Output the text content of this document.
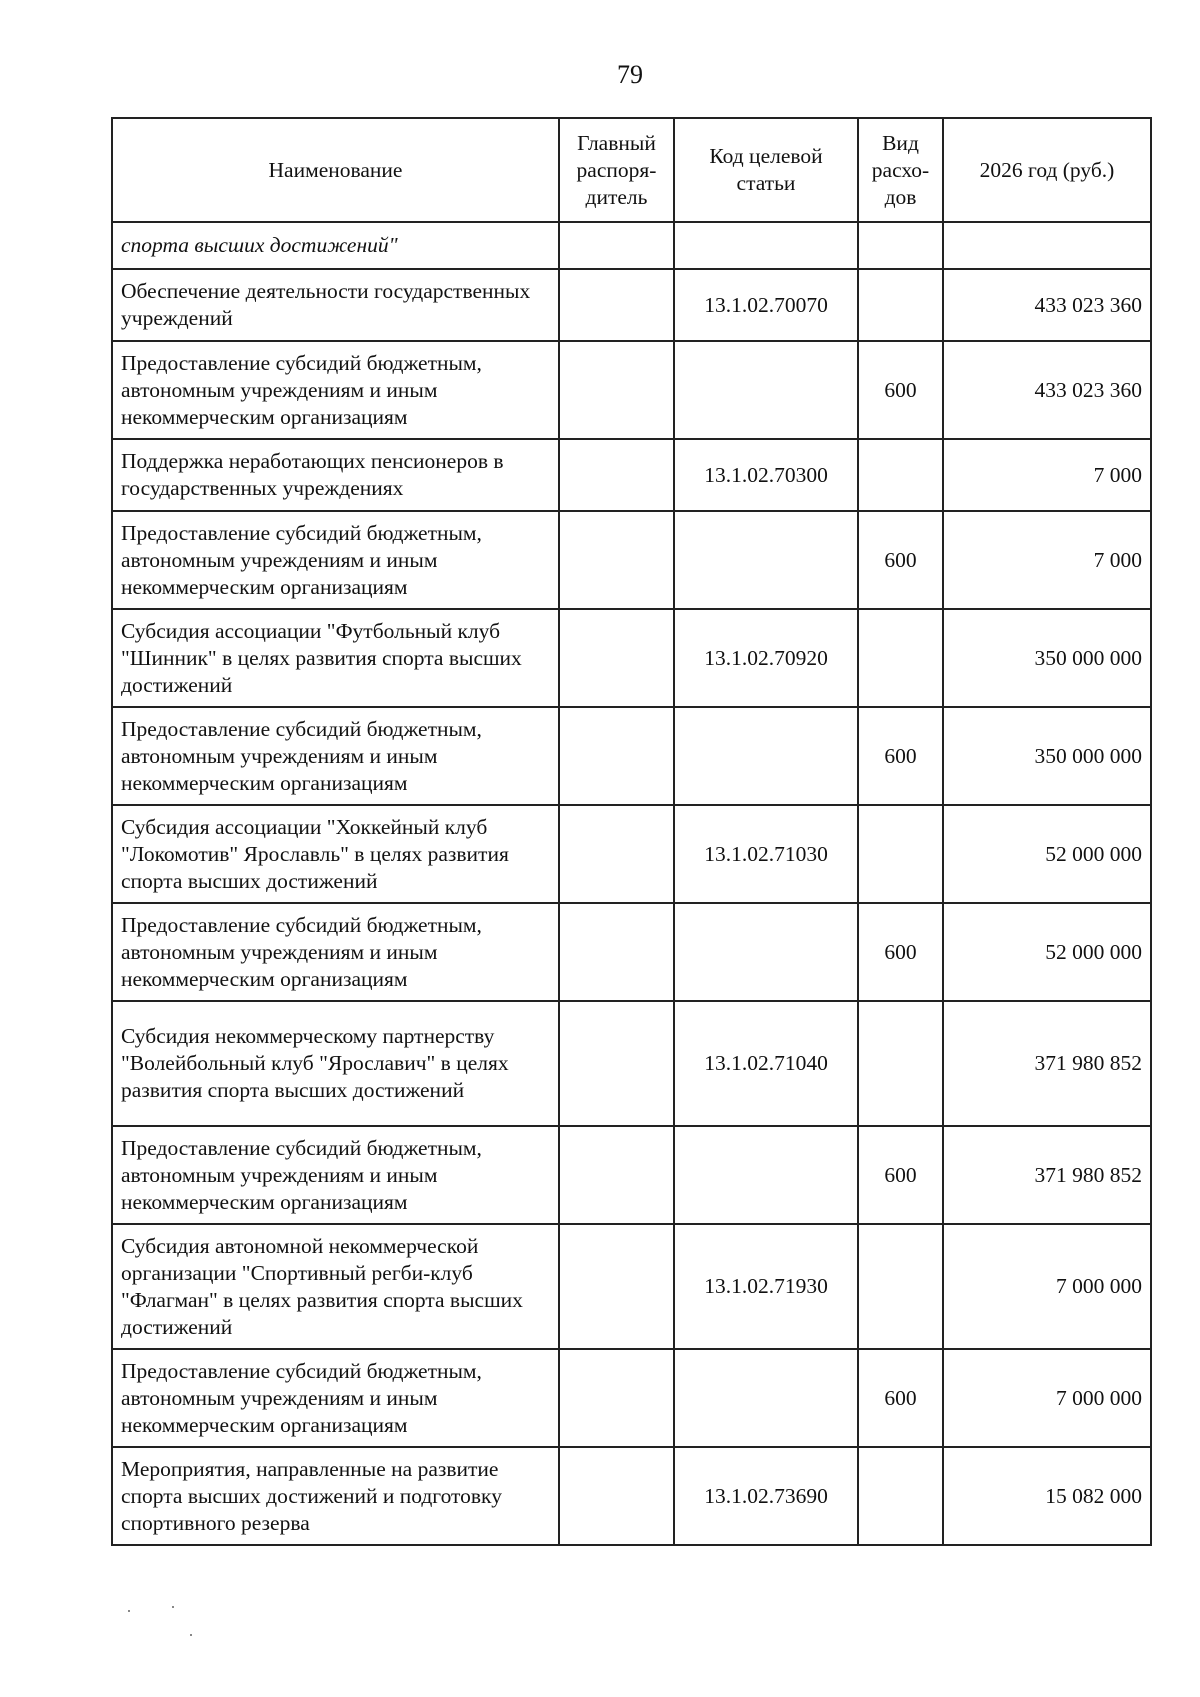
79
Наименование	Главный распоря-дитель	Код целевой статьи	Вид расхо-дов	2026 год (руб.)
спорта высших достижений"				
Обеспечение деятельности государственных учреждений		13.1.02.70070		433 023 360
Предоставление субсидий бюджетным, автономным учреждениям и иным некоммерческим организациям			600	433 023 360
Поддержка неработающих пенсионеров в государственных учреждениях		13.1.02.70300		7 000
Предоставление субсидий бюджетным, автономным учреждениям и иным некоммерческим организациям			600	7 000
Субсидия ассоциации "Футбольный клуб "Шинник" в целях развития спорта высших достижений		13.1.02.70920		350 000 000
Предоставление субсидий бюджетным, автономным учреждениям и иным некоммерческим организациям			600	350 000 000
Субсидия ассоциации "Хоккейный клуб "Локомотив" Ярославль" в целях развития спорта высших достижений		13.1.02.71030		52 000 000
Предоставление субсидий бюджетным, автономным учреждениям и иным некоммерческим организациям			600	52 000 000
Субсидия некоммерческому партнерству "Волейбольный клуб "Ярославич" в целях развития спорта высших достижений		13.1.02.71040		371 980 852
Предоставление субсидий бюджетным, автономным учреждениям и иным некоммерческим организациям			600	371 980 852
Субсидия автономной некоммерческой организации "Спортивный регби-клуб "Флагман" в целях развития спорта высших достижений		13.1.02.71930		7 000 000
Предоставление субсидий бюджетным, автономным учреждениям и иным некоммерческим организациям			600	7 000 000
Мероприятия, направленные на развитие спорта высших достижений и подготовку спортивного резерва		13.1.02.73690		15 082 000
